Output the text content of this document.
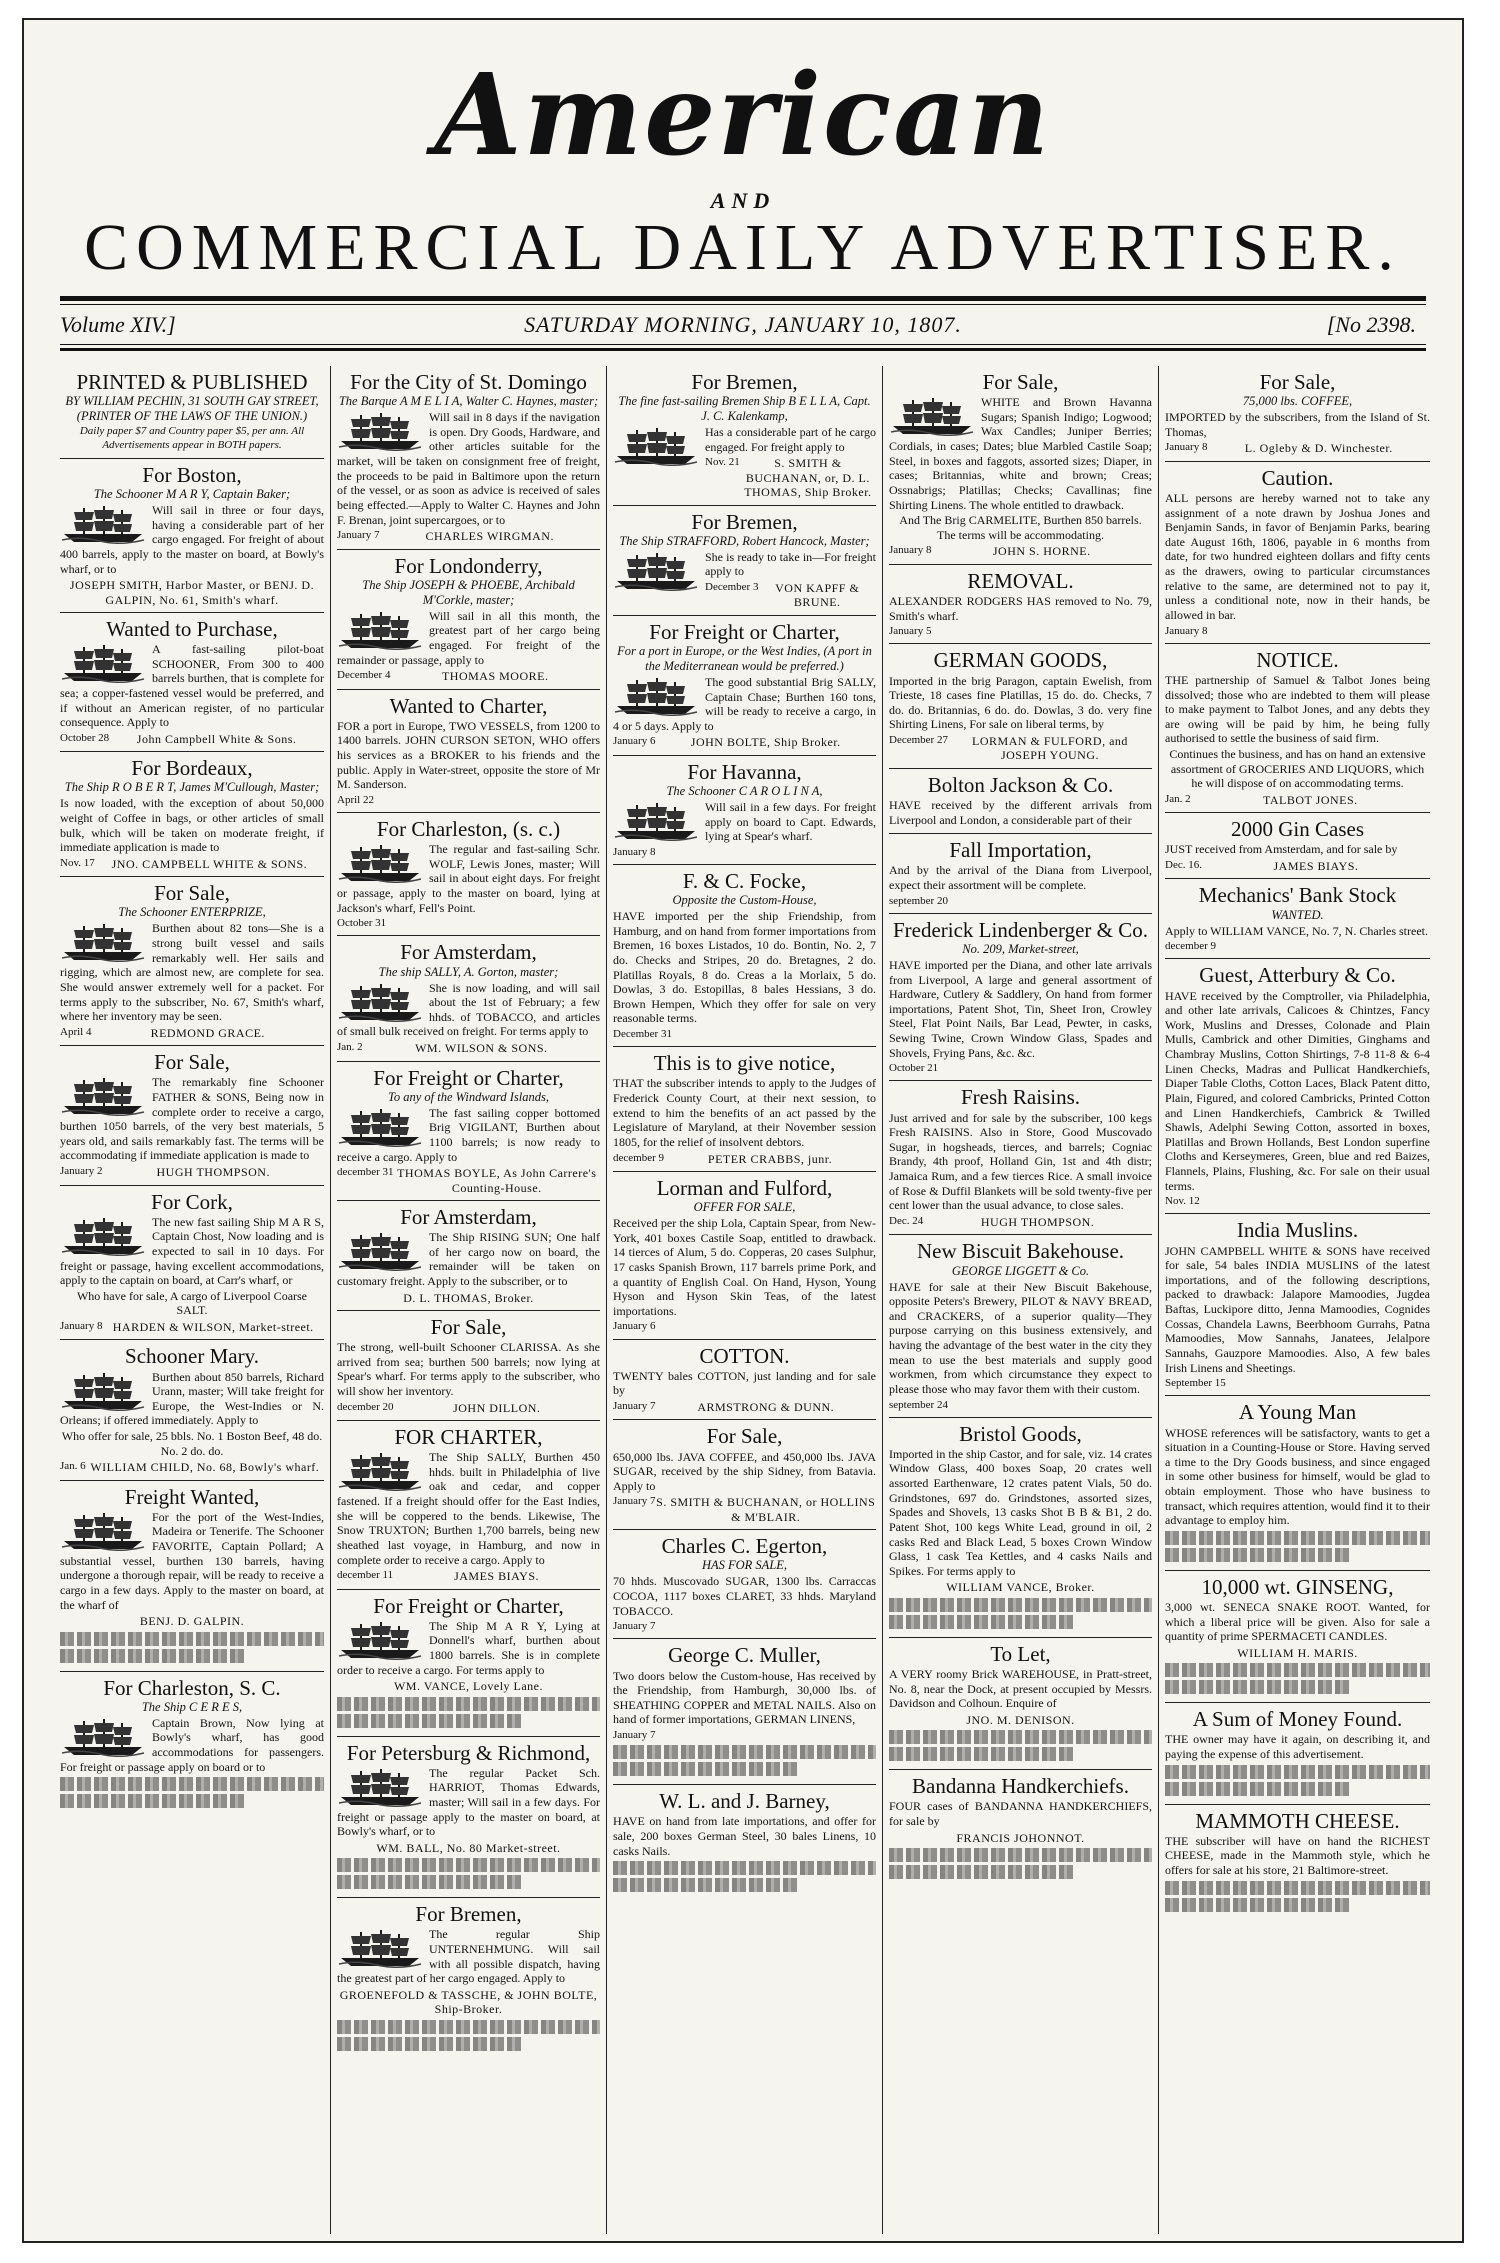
American
AND
COMMERCIAL DAILY ADVERTISER.
SATURDAY MORNING, JANUARY 10, 1807.
Volume XIV.]	[No 2398.
PRINTED & PUBLISHED
BY WILLIAM PECHIN, 31 SOUTH GAY STREET, (PRINTER OF THE LAWS OF THE UNION.)

Daily paper $7 and Country paper $5, per ann. All Advertisements appear in BOTH papers.

For Boston,
The Schooner M A R Y, Captain Baker;

Will sail in three or four days, having a considerable part of her cargo engaged. For freight of about 400 barrels, apply to the master on board, at Bowly's wharf, or to

JOSEPH SMITH, Harbor Master, or BENJ. D. GALPIN, No. 61, Smith's wharf.
Wanted to Purchase,

A fast-sailing pilot-boat SCHOONER, From 300 to 400 barrels burthen, that is complete for sea; a copper-fastened vessel would be preferred, and if without an American register, of no particular consequence. Apply to

October 28	John Campbell White & Sons.
For Bordeaux,
The Ship R O B E R T, James M'Cullough, Master;

Is now loaded, with the exception of about 50,000 weight of Coffee in bags, or other articles of small bulk, which will be taken on moderate freight, if immediate application is made to

Nov. 17	JNO. CAMPBELL WHITE & SONS.
For Sale,
The Schooner ENTERPRIZE,

Burthen about 82 tons—She is a strong built vessel and sails remarkably well. Her sails and rigging, which are almost new, are complete for sea. She would answer extremely well for a packet. For terms apply to the subscriber, No. 67, Smith's wharf, where her inventory may be seen.

April 4	REDMOND GRACE.
For Sale,

The remarkably fine Schooner FATHER & SONS, Being now in complete order to receive a cargo, burthen 1050 barrels, of the very best materials, 5 years old, and sails remarkably fast. The terms will be accommodating if immediate application is made to

January 2	HUGH THOMPSON.
For Cork,

The new fast sailing Ship M A R S, Captain Chost, Now loading and is expected to sail in 10 days. For freight or passage, having excellent accommodations, apply to the captain on board, at Carr's wharf, or

Who have for sale, A cargo of Liverpool Coarse SALT.

January 8 HARDEN & WILSON, Market-street.
Schooner Mary.

Burthen about 850 barrels, Richard Urann, master; Will take freight for Europe, the West-Indies or N. Orleans; if offered immediately. Apply to

Who offer for sale, 25 bbls. No. 1 Boston Beef, 48 do. No. 2 do. do.

Jan. 6 WILLIAM CHILD, No. 68, Bowly's wharf.
Freight Wanted,

For the port of the West-Indies, Madeira or Tenerife. The Schooner FAVORITE, Captain Pollard; A substantial vessel, burthen 130 barrels, having undergone a thorough repair, will be ready to receive a cargo in a few days. Apply to the master on board, at the wharf of

BENJ. D. GALPIN.
For Charleston, S. C.
The Ship C E R E S,

Captain Brown, Now lying at Bowly's wharf, has good accommodations for passengers. For freight or passage apply on board or to

For the City of St. Domingo
The Barque A M E L I A, Walter C. Haynes, master;

Will sail in 8 days if the navigation is open. Dry Goods, Hardware, and other articles suitable for the market, will be taken on consignment free of freight, the proceeds to be paid in Baltimore upon the return of the vessel, or as soon as advice is received of sales being effected.—Apply to Walter C. Haynes and John F. Brenan, joint supercargoes, or to

January 7	CHARLES WIRGMAN.
For Londonderry,
The Ship JOSEPH & PHOEBE, Archibald M'Corkle, master;

Will sail in all this month, the greatest part of her cargo being engaged. For freight of the remainder or passage, apply to

December 4	THOMAS MOORE.
Wanted to Charter,

FOR a port in Europe, TWO VESSELS, from 1200 to 1400 barrels. JOHN CURSON SETON, WHO offers his services as a BROKER to his friends and the public. Apply in Water-street, opposite the store of Mr M. Sanderson.

April 22
For Charleston, (s. c.)

The regular and fast-sailing Schr. WOLF, Lewis Jones, master; Will sail in about eight days. For freight or passage, apply to the master on board, lying at Jackson's wharf, Fell's Point.

October 31
For Amsterdam,
The ship SALLY, A. Gorton, master;

She is now loading, and will sail about the 1st of February; a few hhds. of TOBACCO, and articles of small bulk received on freight. For terms apply to

Jan. 2	WM. WILSON & SONS.
For Freight or Charter,
To any of the Windward Islands,

The fast sailing copper bottomed Brig VIGILANT, Burthen about 1100 barrels; is now ready to receive a cargo. Apply to

december 31 THOMAS BOYLE, As John Carrere's Counting-House.
For Amsterdam,

The Ship RISING SUN; One half of her cargo now on board, the remainder will be taken on customary freight. Apply to the subscriber, or to

D. L. THOMAS, Broker.
For Sale,

The strong, well-built Schooner CLARISSA. As she arrived from sea; burthen 500 barrels; now lying at Spear's wharf. For terms apply to the subscriber, who will show her inventory.

december 20	JOHN DILLON.
FOR CHARTER,

The Ship SALLY, Burthen 450 hhds. built in Philadelphia of live oak and cedar, and copper fastened. If a freight should offer for the East Indies, she will be coppered to the bends. Likewise, The Snow TRUXTON; Burthen 1,700 barrels, being new sheathed last voyage, in Hamburg, and now in complete order to receive a cargo. Apply to

december 11	JAMES BIAYS.
For Freight or Charter,

The Ship M A R Y, Lying at Donnell's wharf, burthen about 1800 barrels. She is in complete order to receive a cargo. For terms apply to

WM. VANCE, Lovely Lane.
For Petersburg & Richmond,

The regular Packet Sch. HARRIOT, Thomas Edwards, master; Will sail in a few days. For freight or passage apply to the master on board, at Bowly's wharf, or to

WM. BALL, No. 80 Market-street.
For Bremen,

The regular Ship UNTERNEHMUNG. Will sail with all possible dispatch, having the greatest part of her cargo engaged. Apply to

GROENEFOLD & TASSCHE, & JOHN BOLTE, Ship-Broker.
For Bremen,
The fine fast-sailing Bremen Ship B E L L A, Capt. J. C. Kalenkamp,

Has a considerable part of he cargo engaged. For freight apply to

Nov. 21	S. SMITH & BUCHANAN, or, D. L. THOMAS, Ship Broker.
For Bremen,
The Ship STRAFFORD, Robert Hancock, Master;

She is ready to take in—For freight apply to

December 3	VON KAPFF & BRUNE.
For Freight or Charter,
For a port in Europe, or the West Indies, (A port in the Mediterranean would be preferred.)

The good substantial Brig SALLY, Captain Chase; Burthen 160 tons, will be ready to receive a cargo, in 4 or 5 days. Apply to

January 6	JOHN BOLTE, Ship Broker.
For Havanna,
The Schooner C A R O L I N A,

Will sail in a few days. For freight apply on board to Capt. Edwards, lying at Spear's wharf.

January 8
F. & C. Focke,
Opposite the Custom-House,

HAVE imported per the ship Friendship, from Hamburg, and on hand from former importations from Bremen, 16 boxes Listados, 10 do. Bontin, No. 2, 7 do. Checks and Stripes, 20 do. Bretagnes, 2 do. Platillas Royals, 8 do. Creas a la Morlaix, 5 do. Dowlas, 3 do. Estopillas, 8 bales Hessians, 3 do. Brown Hempen, Which they offer for sale on very reasonable terms.

December 31
This is to give notice,

THAT the subscriber intends to apply to the Judges of Frederick County Court, at their next session, to extend to him the benefits of an act passed by the Legislature of Maryland, at their November session 1805, for the relief of insolvent debtors.

december 9	PETER CRABBS, junr.
Lorman and Fulford,
OFFER FOR SALE,

Received per the ship Lola, Captain Spear, from New-York, 401 boxes Castile Soap, entitled to drawback. 14 tierces of Alum, 5 do. Copperas, 20 cases Sulphur, 17 casks Spanish Brown, 117 barrels prime Pork, and a quantity of English Coal. On Hand, Hyson, Young Hyson and Hyson Skin Teas, of the latest importations.

January 6
COTTON.

TWENTY bales COTTON, just landing and for sale by

January 7	ARMSTRONG & DUNN.
For Sale,

650,000 lbs. JAVA COFFEE, and 450,000 lbs. JAVA SUGAR, received by the ship Sidney, from Batavia. Apply to

January 7 S. SMITH & BUCHANAN, or HOLLINS & M'BLAIR.
Charles C. Egerton,
HAS FOR SALE,

70 hhds. Muscovado SUGAR, 1300 lbs. Carraccas COCOA, 1117 boxes CLARET, 33 hhds. Maryland TOBACCO.

January 7
George C. Muller,

Two doors below the Custom-house, Has received by the Friendship, from Hamburgh, 30,000 lbs. of SHEATHING COPPER and METAL NAILS. Also on hand of former importations, GERMAN LINENS,

January 7
W. L. and J. Barney,

HAVE on hand from late importations, and offer for sale, 200 boxes German Steel, 30 bales Linens, 10 casks Nails.

For Sale,

WHITE and Brown Havanna Sugars; Spanish Indigo; Logwood; Wax Candles; Juniper Berries; Cordials, in cases; Dates; blue Marbled Castile Soap; Steel, in boxes and faggots, assorted sizes; Diaper, in cases; Britannias, white and brown; Creas; Ossnabrigs; Platillas; Checks; Cavallinas; fine Shirting Linens. The whole entitled to drawback.

And The Brig CARMELITE, Burthen 850 barrels. The terms will be accommodating.

January 8	JOHN S. HORNE.
REMOVAL.

ALEXANDER RODGERS HAS removed to No. 79, Smith's wharf.

January 5
GERMAN GOODS,

Imported in the brig Paragon, captain Ewelish, from Trieste, 18 cases fine Platillas, 15 do. do. Checks, 7 do. do. Britannias, 6 do. do. Dowlas, 3 do. very fine Shirting Linens, For sale on liberal terms, by

December 27	LORMAN & FULFORD, and JOSEPH YOUNG.
Bolton Jackson & Co.

HAVE received by the different arrivals from Liverpool and London, a considerable part of their

Fall Importation,

And by the arrival of the Diana from Liverpool, expect their assortment will be complete.

september 20
Frederick Lindenberger & Co.
No. 209, Market-street,

HAVE imported per the Diana, and other late arrivals from Liverpool, A large and general assortment of Hardware, Cutlery & Saddlery, On hand from former importations, Patent Shot, Tin, Sheet Iron, Crowley Steel, Flat Point Nails, Bar Lead, Pewter, in casks, Sewing Twine, Crown Window Glass, Spades and Shovels, Frying Pans, &c. &c.

October 21
Fresh Raisins.

Just arrived and for sale by the subscriber, 100 kegs Fresh RAISINS. Also in Store, Good Muscovado Sugar, in hogsheads, tierces, and barrels; Cogniac Brandy, 4th proof, Holland Gin, 1st and 4th distr; Jamaica Rum, and a few tierces Rice. A small invoice of Rose & Duffil Blankets will be sold twenty-five per cent lower than the usual advance, to close sales.

Dec. 24	HUGH THOMPSON.
New Biscuit Bakehouse.
GEORGE LIGGETT & Co.

HAVE for sale at their New Biscuit Bakehouse, opposite Peters's Brewery, PILOT & NAVY BREAD, and CRACKERS, of a superior quality—They purpose carrying on this business extensively, and having the advantage of the best water in the city they mean to use the best materials and supply good workmen, from which circumstance they expect to please those who may favor them with their custom.

september 24
Bristol Goods,

Imported in the ship Castor, and for sale, viz. 14 crates Window Glass, 400 boxes Soap, 20 crates well assorted Earthenware, 12 crates patent Vials, 50 do. Grindstones, 697 do. Grindstones, assorted sizes, Spades and Shovels, 13 casks Shot B B & B1, 2 do. Patent Shot, 100 kegs White Lead, ground in oil, 2 casks Red and Black Lead, 5 boxes Crown Window Glass, 1 cask Tea Kettles, and 4 casks Nails and Spikes. For terms apply to

WILLIAM VANCE, Broker.
To Let,

A VERY roomy Brick WAREHOUSE, in Pratt-street, No. 8, near the Dock, at present occupied by Messrs. Davidson and Colhoun. Enquire of

JNO. M. DENISON.
Bandanna Handkerchiefs.

FOUR cases of BANDANNA HANDKERCHIEFS, for sale by

FRANCIS JOHONNOT.
For Sale,
75,000 lbs. COFFEE,

IMPORTED by the subscribers, from the Island of St. Thomas,

January 8	L. Ogleby & D. Winchester.
Caution.

ALL persons are hereby warned not to take any assignment of a note drawn by Joshua Jones and Benjamin Sands, in favor of Benjamin Parks, bearing date August 16th, 1806, payable in 6 months from date, for two hundred eighteen dollars and fifty cents as the drawers, owing to particular circumstances relative to the same, are determined not to pay it, unless a conditional note, now in their hands, be allowed in bar.

January 8
NOTICE.

THE partnership of Samuel & Talbot Jones being dissolved; those who are indebted to them will please to make payment to Talbot Jones, and any debts they are owing will be paid by him, he being fully authorised to settle the business of said firm.

Continues the business, and has on hand an extensive assortment of GROCERIES AND LIQUORS, which he will dispose of on accommodating terms.

Jan. 2	TALBOT JONES.
2000 Gin Cases

JUST received from Amsterdam, and for sale by

Dec. 16.	JAMES BIAYS.
Mechanics' Bank Stock
WANTED.

Apply to WILLIAM VANCE, No. 7, N. Charles street.

december 9
Guest, Atterbury & Co.

HAVE received by the Comptroller, via Philadelphia, and other late arrivals, Calicoes & Chintzes, Fancy Work, Muslins and Dresses, Colonade and Plain Mulls, Cambrick and other Dimities, Ginghams and Chambray Muslins, Cotton Shirtings, 7-8 11-8 & 6-4 Linen Checks, Madras and Pullicat Handkerchiefs, Diaper Table Cloths, Cotton Laces, Black Patent ditto, Plain, Figured, and colored Cambricks, Printed Cotton and Linen Handkerchiefs, Cambrick & Twilled Shawls, Adelphi Sewing Cotton, assorted in boxes, Platillas and Brown Hollands, Best London superfine Cloths and Kerseymeres, Green, blue and red Baizes, Flannels, Plains, Flushing, &c. For sale on their usual terms.

Nov. 12
India Muslins.

JOHN CAMPBELL WHITE & SONS have received for sale, 54 bales INDIA MUSLINS of the latest importations, and of the following descriptions, packed to drawback: Jalapore Mamoodies, Jugdea Baftas, Luckipore ditto, Jenna Mamoodies, Cognides Cossas, Chandela Lawns, Beerbhoom Gurrahs, Patna Mamoodies, Mow Sannahs, Janatees, Jelalpore Sannahs, Gauzpore Mamoodies. Also, A few bales Irish Linens and Sheetings.

September 15
A Young Man

WHOSE references will be satisfactory, wants to get a situation in a Counting-House or Store. Having served a time to the Dry Goods business, and since engaged in some other business for himself, would be glad to obtain employment. Those who have business to transact, which requires attention, would find it to their advantage to employ him.

10,000 wt. GINSENG,

3,000 wt. SENECA SNAKE ROOT. Wanted, for which a liberal price will be given. Also for sale a quantity of prime SPERMACETI CANDLES.

WILLIAM H. MARIS.
A Sum of Money Found.

THE owner may have it again, on describing it, and paying the expense of this advertisement.

MAMMOTH CHEESE.

THE subscriber will have on hand the RICHEST CHEESE, made in the Mammoth style, which he offers for sale at his store, 21 Baltimore-street.
